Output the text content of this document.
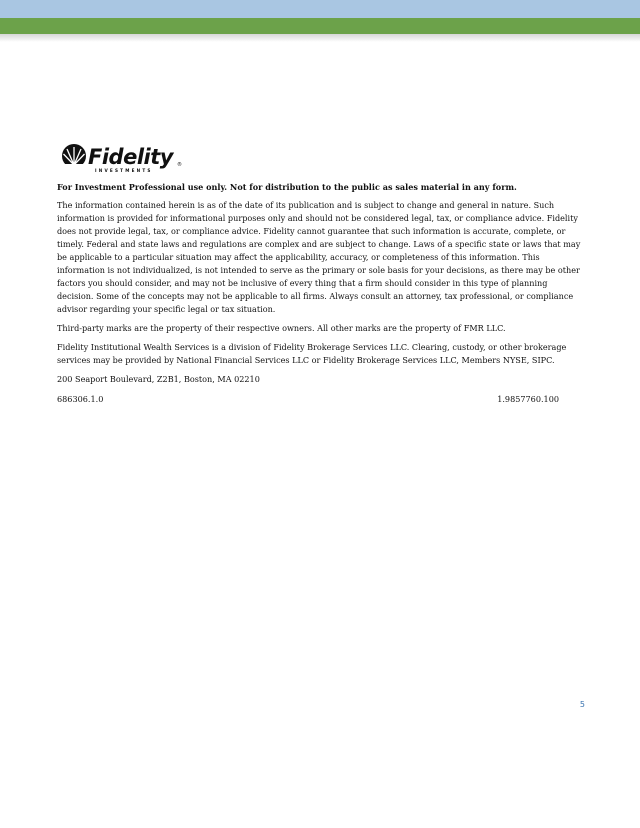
Fidelity ®
INVESTMENTS

For Investment Professional use only. Not for distribution to the public as sales material in any form.

The information contained herein is as of the date of its publication and is subject to change and general in nature. Such information is provided for informational purposes only and should not be considered legal, tax, or compliance advice. Fidelity does not provide legal, tax, or compliance advice. Fidelity cannot guarantee that such information is accurate, complete, or timely. Federal and state laws and regulations are complex and are subject to change. Laws of a specific state or laws that may be applicable to a particular situation may affect the applicability, accuracy, or completeness of this information. This information is not individualized, is not intended to serve as the primary or sole basis for your decisions, as there may be other factors you should consider, and may not be inclusive of every thing that a firm should consider in this type of planning decision. Some of the concepts may not be applicable to all firms. Always consult an attorney, tax professional, or compliance advisor regarding your specific legal or tax situation.

Third-party marks are the property of their respective owners. All other marks are the property of FMR LLC.

Fidelity Institutional Wealth Services is a division of Fidelity Brokerage Services LLC. Clearing, custody, or other brokerage services may be provided by National Financial Services LLC or Fidelity Brokerage Services LLC, Members NYSE, SIPC.

200 Seaport Boulevard, Z2B1, Boston, MA 02210

686306.1.0	1.9857760.100
5
